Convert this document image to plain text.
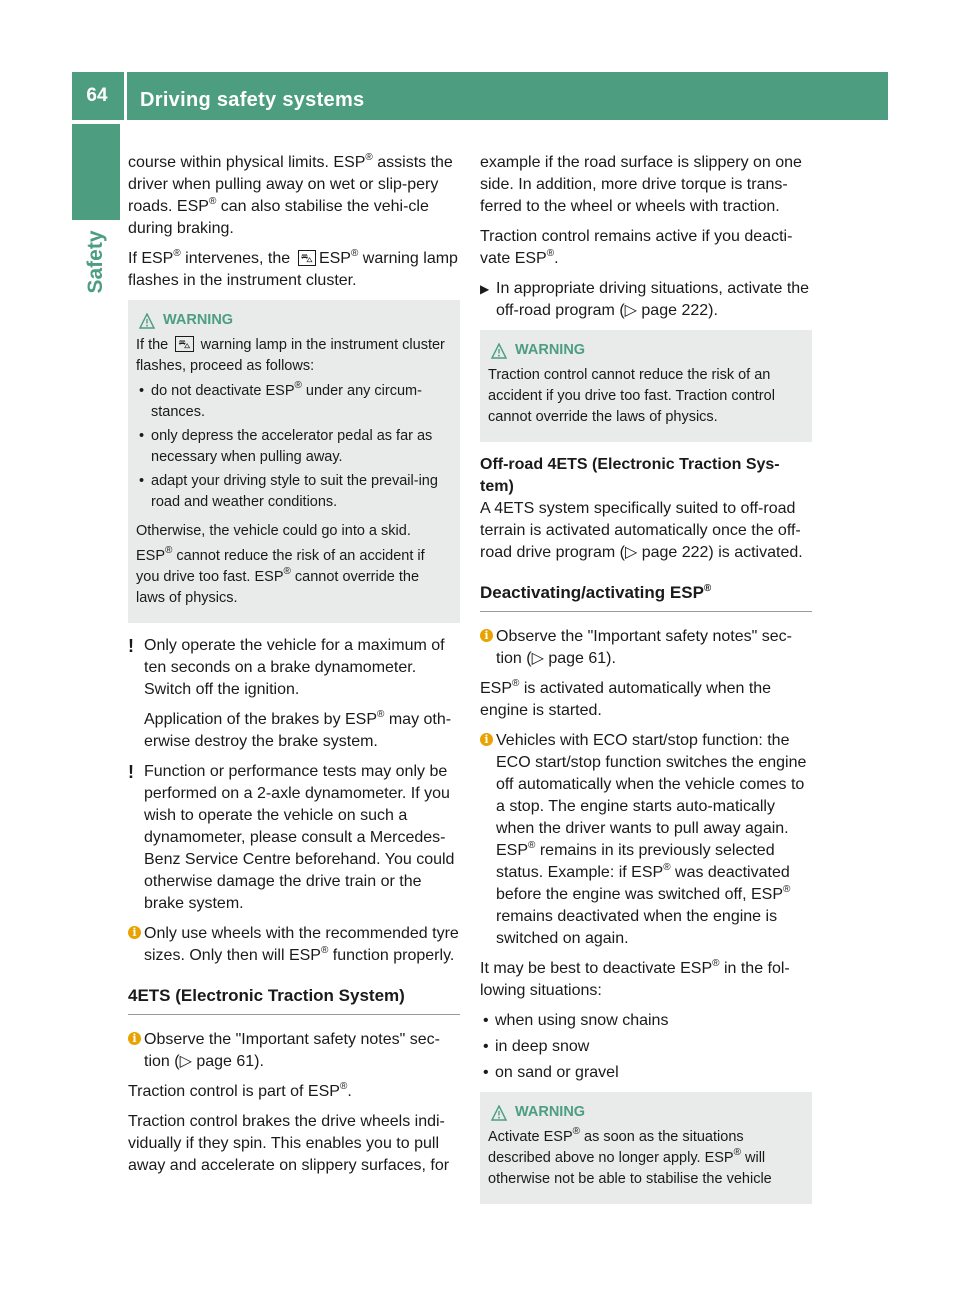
64	Driving safety systems
Safety

course within physical limits. ESP® assists the driver when pulling away on wet or slip-pery roads. ESP® can also stabilise the vehi-cle during braking.

If ESP® intervenes, the ⛍ ESP® warning lamp flashes in the instrument cluster.

WARNING

If the ⛍ warning lamp in the instrument cluster flashes, proceed as follows:

• do not deactivate ESP® under any circum-stances.
• only depress the accelerator pedal as far as necessary when pulling away.
• adapt your driving style to suit the prevail-ing road and weather conditions.

Otherwise, the vehicle could go into a skid.

ESP® cannot reduce the risk of an accident if you drive too fast. ESP® cannot override the laws of physics.

! Only operate the vehicle for a maximum of ten seconds on a brake dynamometer. Switch off the ignition.

Application of the brakes by ESP® may oth-erwise destroy the brake system.

! Function or performance tests may only be performed on a 2-axle dynamometer. If you wish to operate the vehicle on such a dynamometer, please consult a Mercedes-Benz Service Centre beforehand. You could otherwise damage the drive train or the brake system.

i Only use wheels with the recommended tyre sizes. Only then will ESP® function properly.

4ETS (Electronic Traction System)
i Observe the "Important safety notes" sec-tion (▷ page 61).

Traction control is part of ESP®.

Traction control brakes the drive wheels indi-vidually if they spin. This enables you to pull away and accelerate on slippery surfaces, for

example if the road surface is slippery on one side. In addition, more drive torque is trans-ferred to the wheel or wheels with traction.

Traction control remains active if you deacti-vate ESP®.

▶ In appropriate driving situations, activate the off-road program (▷ page 222).
WARNING

Traction control cannot reduce the risk of an accident if you drive too fast. Traction control cannot override the laws of physics.

Off-road 4ETS (Electronic Traction Sys-tem)

A 4ETS system specifically suited to off-road terrain is activated automatically once the off-road drive program (▷ page 222) is activated.

Deactivating/activating ESP®
i Observe the "Important safety notes" sec-tion (▷ page 61).

ESP® is activated automatically when the engine is started.

i Vehicles with ECO start/stop function: the ECO start/stop function switches the engine off automatically when the vehicle comes to a stop. The engine starts auto-matically when the driver wants to pull away again. ESP® remains in its previously selected status. Example: if ESP® was deactivated before the engine was switched off, ESP® remains deactivated when the engine is switched on again.

It may be best to deactivate ESP® in the fol-lowing situations:

• when using snow chains
• in deep snow
• on sand or gravel
WARNING

Activate ESP® as soon as the situations described above no longer apply. ESP® will otherwise not be able to stabilise the vehicle
